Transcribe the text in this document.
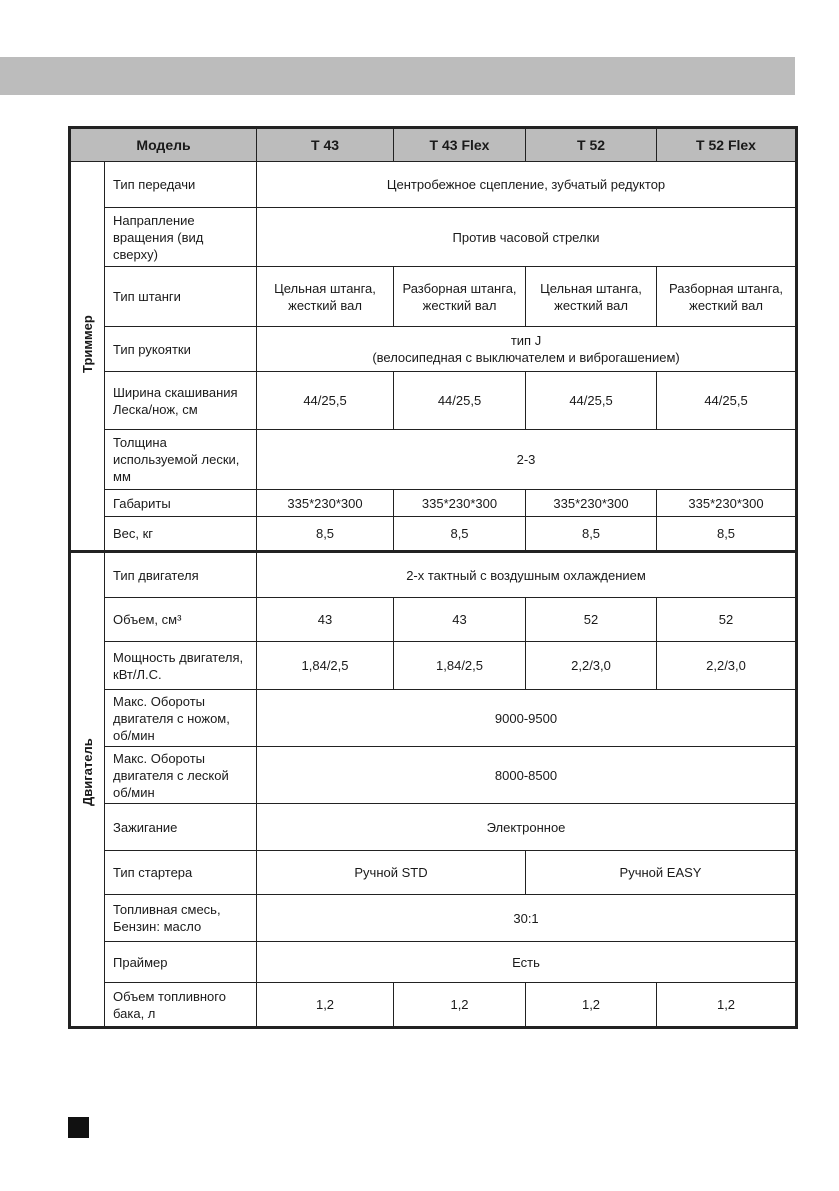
Модель		T 43	T 43 Flex	T 52	T 52 Flex

Триммер	Тип передачи	Центробежное сцепление, зубчатый редуктор			
	Напрапление вращения (вид сверху)	Против часовой стрелки			
	Тип штанги	Цельная штанга, жесткий вал	Разборная штанга, жесткий вал	Цельная штанга, жесткий вал	Разборная штанга, жесткий вал
	Тип рукоятки	тип J
(велосипедная с выключателем и виброгашением)			
	Ширина скашивания Леска/нож, см	44/25,5	44/25,5	44/25,5	44/25,5
	Толщина используемой лески, мм	2-3			
	Габариты	335*230*300	335*230*300	335*230*300	335*230*300
	Вес, кг	8,5	8,5	8,5	8,5

Двигатель	Тип двигателя	2-х тактный с воздушным охлаждением			
	Объем, см³	43	43	52	52
	Мощность двигателя, кВт/Л.С.	1,84/2,5	1,84/2,5	2,2/3,0	2,2/3,0
	Макс. Обороты двигателя с ножом, об/мин	9000-9500			
	Макс. Обороты двигателя с леской об/мин	8000-8500			
	Зажигание	Электронное			
	Тип стартера	Ручной STD		Ручной EASY	
	Топливная смесь, Бензин: масло	30:1			
	Праймер	Есть			
	Объем топливного бака, л	1,2	1,2	1,2	1,2
